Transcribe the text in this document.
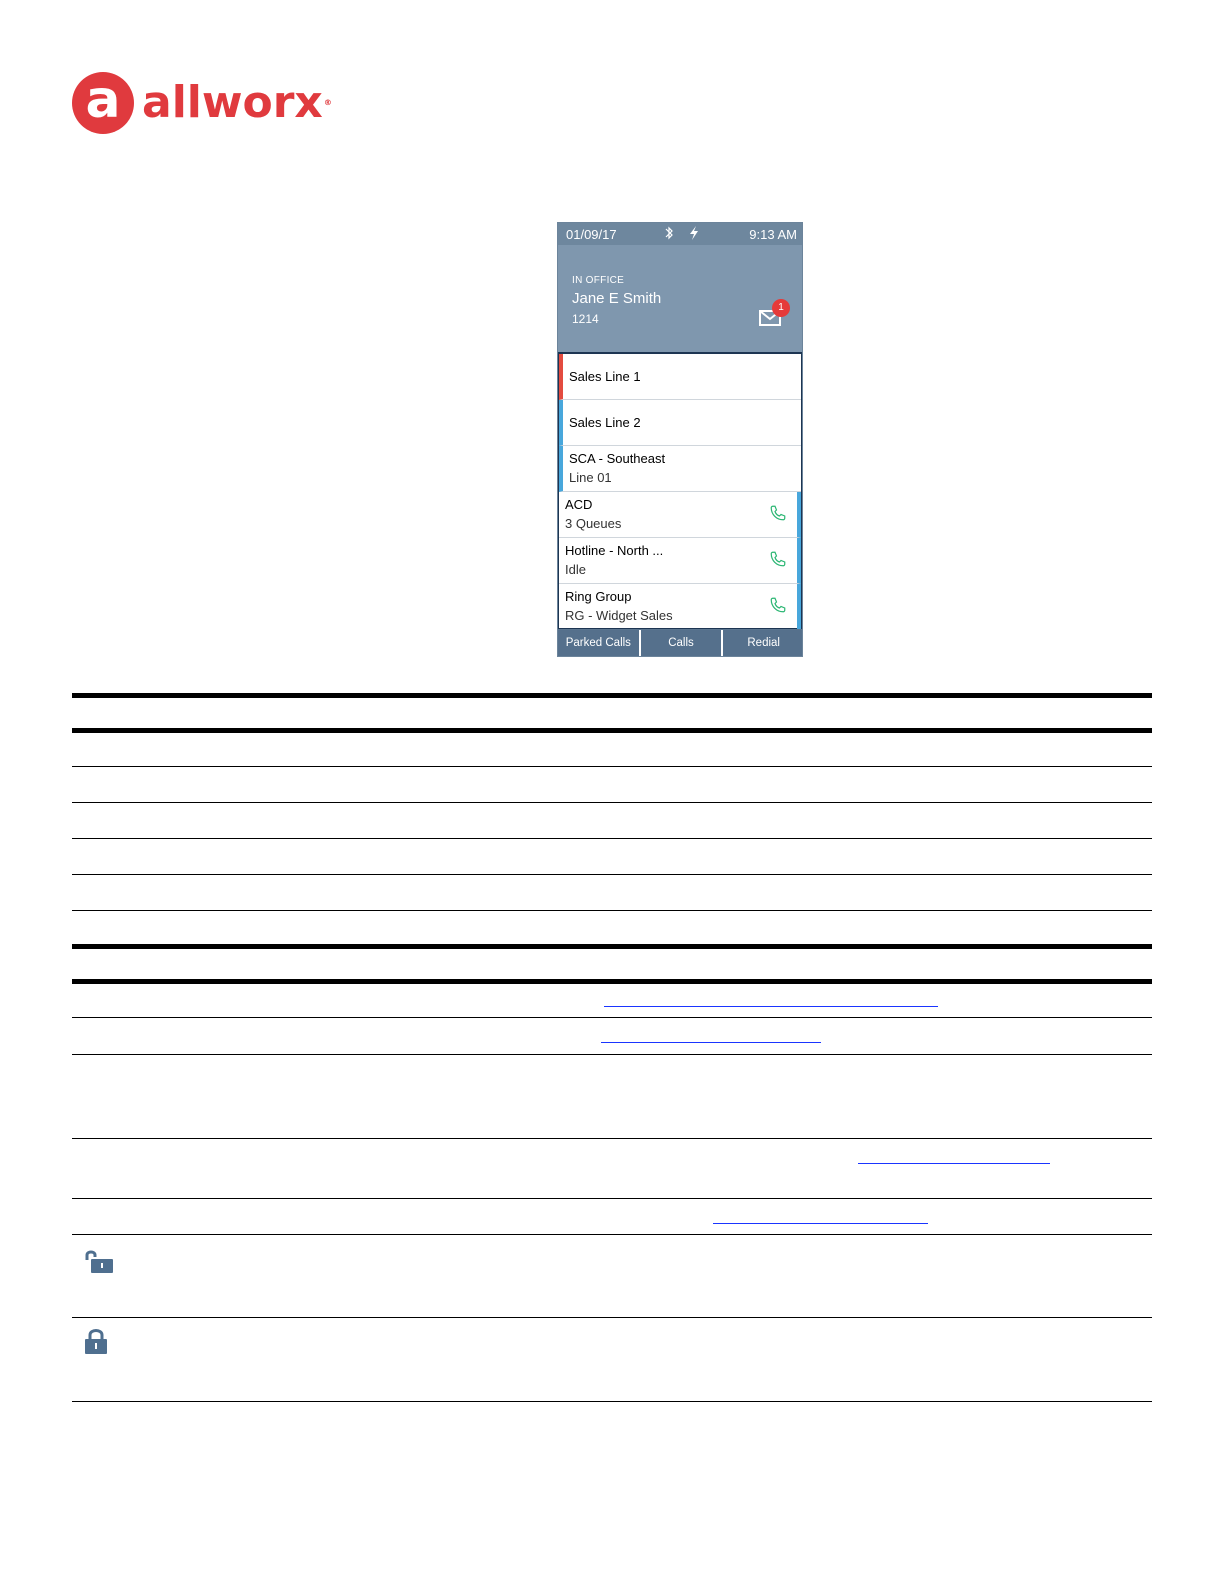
a allworx®
01/09/17
	9:13 AM
IN OFFICE
Jane E Smith
1214
1
Sales Line 1
Sales Line 2
SCA - Southeast
Line 01
ACD
3 Queues
Hotline - North ...
Idle
Ring Group
RG - Widget Sales
Parked Calls	Calls	Redial
